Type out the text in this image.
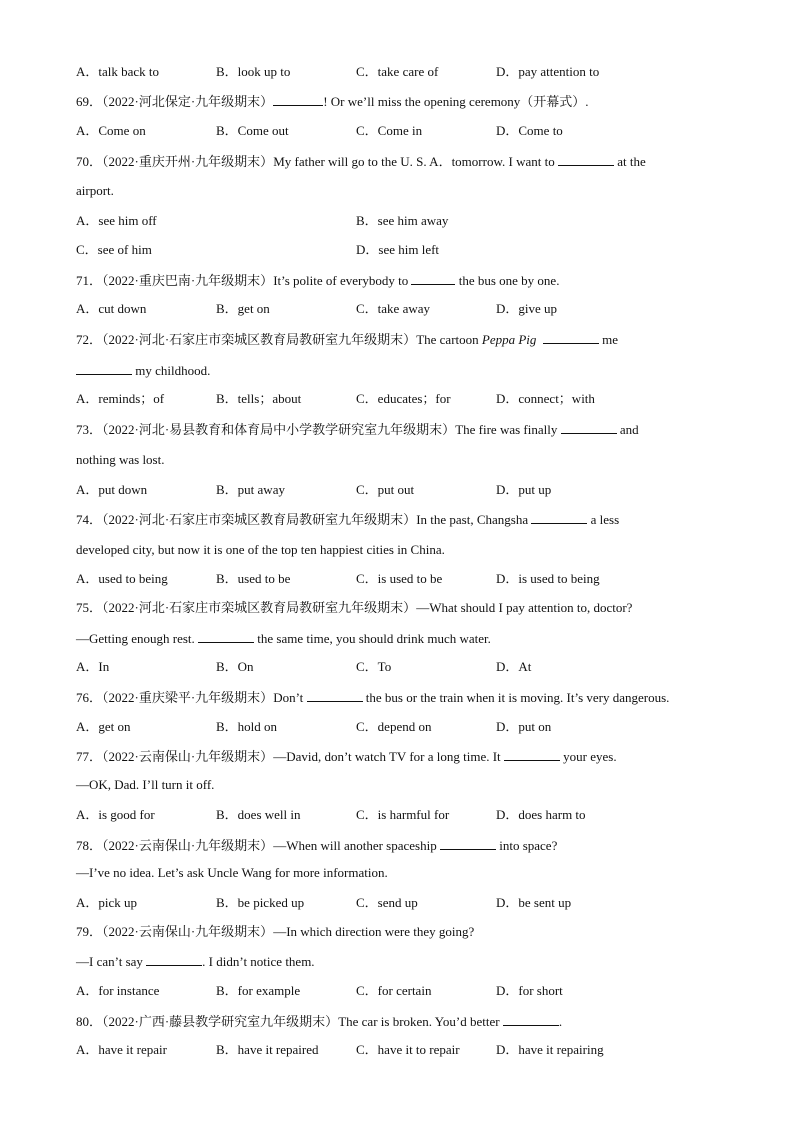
A．talk back to	B．look up to	C．take care of	D．pay attention to
69．（2022·河北保定·九年级期末）	! Or we’ll miss the opening ceremony（开幕式）.
A．Come on	B．Come out	C．Come in	D．Come to
70．（2022·重庆开州·九年级期末）My father will go to the U. S. A．tomorrow. I want to	at the
airport.
A．see him off	B．see him away
C．see of him	D．see him left
71．（2022·重庆巴南·九年级期末）It’s polite of everybody to	the bus one by one.
A．cut down	B．get on	C．take away	D．give up
72．（2022·河北·石家庄市栾城区教育局教研室九年级期末）The cartoon Peppa Pig	me
my childhood.
A．reminds；of	B．tells；about	C．educates；for	D．connect；with
73．（2022·河北·易县教育和体育局中小学教学研究室九年级期末）The fire was finally	and
nothing was lost.
A．put down	B．put away	C．put out	D．put up
74．（2022·河北·石家庄市栾城区教育局教研室九年级期末）In the past, Changsha	a less
developed city, but now it is one of the top ten happiest cities in China.
A．used to being	B．used to be	C．is used to be	D．is used to being
75．（2022·河北·石家庄市栾城区教育局教研室九年级期末）—What should I pay attention to, doctor?
—Getting enough rest.	the same time, you should drink much water.
A．In	B．On	C．To	D．At
76．（2022·重庆梁平·九年级期末）Don’t	the bus or the train when it is moving. It’s very dangerous.
A．get on	B．hold on	C．depend on	D．put on
77．（2022·云南保山·九年级期末）—David, don’t watch TV for a long time. It	your eyes.
—OK, Dad. I’ll turn it off.
A．is good for	B．does well in	C．is harmful for	D．does harm to
78．（2022·云南保山·九年级期末）—When will another spaceship	into space?
—I’ve no idea. Let’s ask Uncle Wang for more information.
A．pick up	B．be picked up	C．send up	D．be sent up
79．（2022·云南保山·九年级期末）—In which direction were they going?
—I can’t say	. I didn’t notice them.
A．for instance	B．for example	C．for certain	D．for short
80．（2022·广西·藤县教学研究室九年级期末）The car is broken. You’d better	.
A．have it repair	B．have it repaired	C．have it to repair	D．have it repairing
